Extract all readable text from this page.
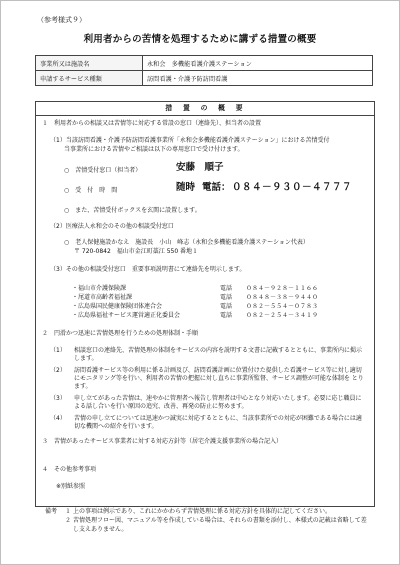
（参考様式９）
利用者からの苦情を処理するために講ずる措置の概要
事業所又は施設名	永和会　多機能看護介護ステーション
申請するサービス種類	訪問看護・介護予防訪問看護
措　置　の　概　要
１　利用者からの相談又は苦情等に対応する常設の窓口（連絡先）、担当者の設置
（1）当該訪問看護・介護予防訪問看護事業所「永和会多機能看護介護ステーション」における苦情受付
当事業所における苦情やご相談は以下の専用窓口で受け付けます。
○　苦情受付窓口（担当者）	安藤　順子
○　受　付　時　間	随時 電話： ０８４－９３０－４７７７
○　また、苦情受付ボックスを玄関に設置します。
（2）医療法人永和会のその他の相談受付窓口
○　老人保健施設かなえ　施設長　小山　峰志（永和会多機能看護介護ステーション代表）
〒 720-0842　福山市金江町藁江 550 番地１
（3）その他の相談受付窓口　重要事項説明書にて連絡先を明示します。
・福山市介護保険課	電話 ０８４－９２８－１１６６
・尾道市高齢者福祉課	電話 ０８４８－３８－９４４０
・広島県国民健康保険団体連合会	電話 ０８２－５５４－０７８３
・広島県福祉サービス運営適正化委員会	電話 ０８２－２５４－３４１９
２　円滑かつ迅速に苦情処理を行うための処理体制・手順
（1） 相談窓口の連絡先、苦情処理の体制をサービスの内容を説明する文書に記載するとともに、事業所内に掲示します。
（2） 訪問看護サービス等の利用に係る計画及び、訪問看護計画に位置付けた提供した看護サービス等に対し適切にモニタリング等を行い、利用者の苦情の把握に対し直ちに事業所監督、サービス調整が可能な体制を とります。
（3） 申し立てがあった苦情は、速やかに管理者へ報告し管理者は中心となり対応いたします。必要に応じ職員による話し合いを行い原因の追究、改善、再発の防止に努めます。
（4） 苦情の申し立てについては迅速かつ誠実に対応するとともに、当該事業所での対応が困難である場合には適切な機関への紹介を行います。
３　苦情があったサービス事業者に対する対応方針等（居宅介護支援事業所の場合記入）
４　その他参考事項
※別紙参照
備考 １ 上の事項は例示であり、これにかかわらず苦情処理に係る対応方針を具体的に記してください。
２ 苦情処理フロー図、マニュアル等を作成している場合は、それらの書類を添付し、本様式の記載は省略して差し支えありません。
